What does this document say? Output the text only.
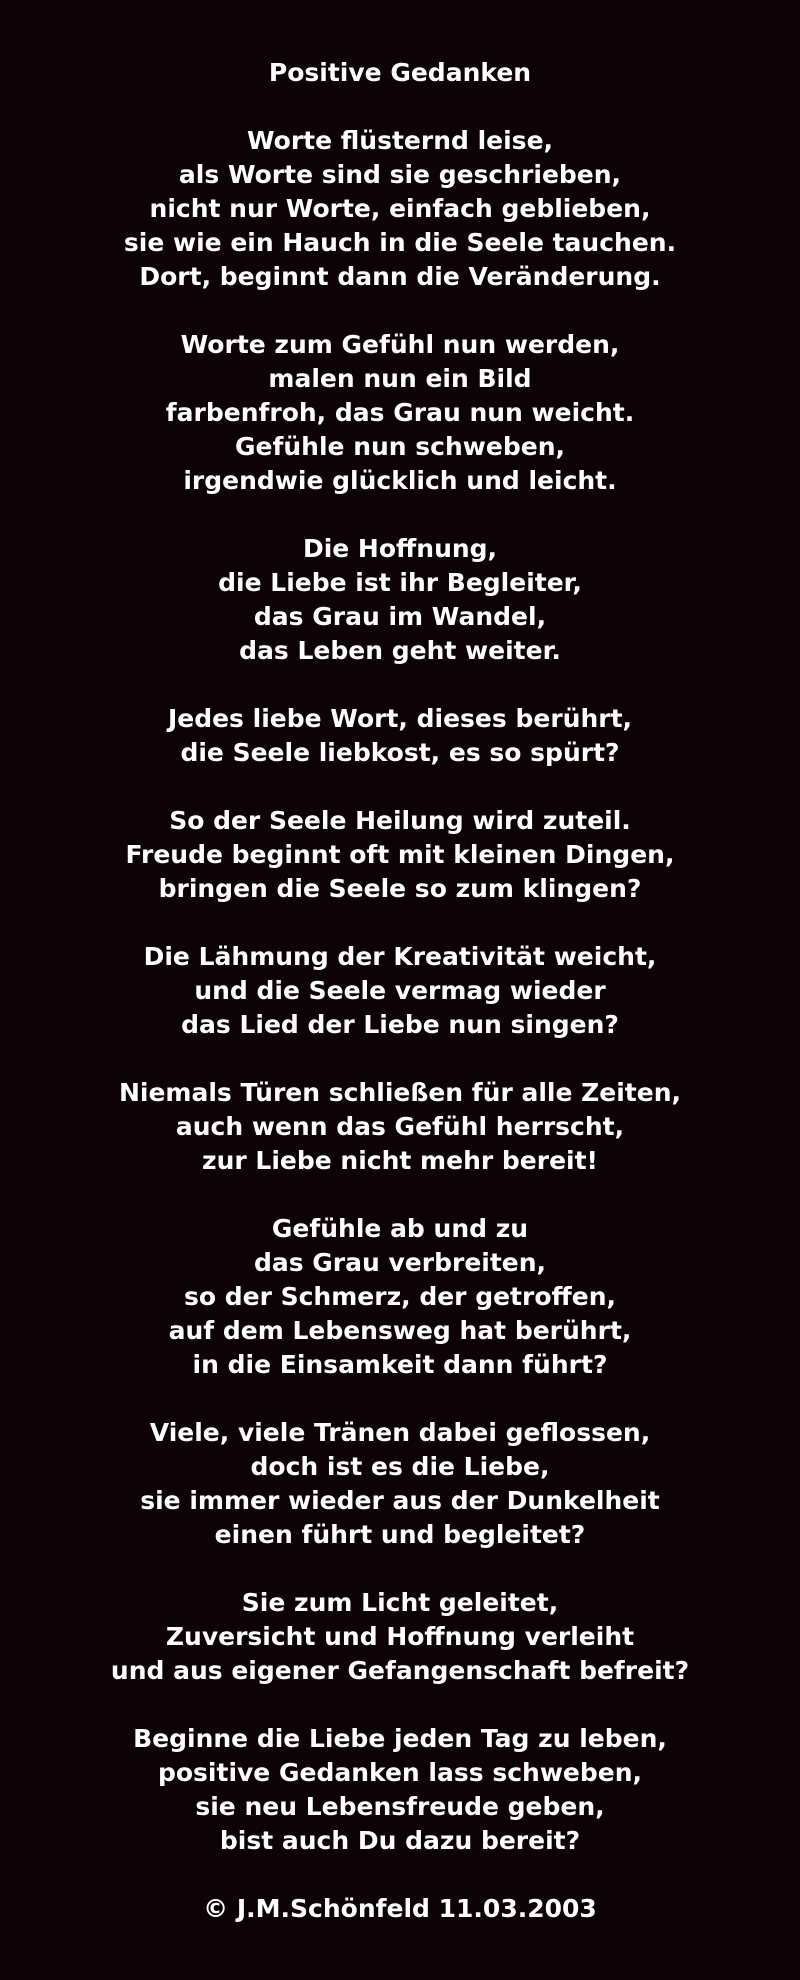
Positive Gedanken
Worte flüsternd leise,
als Worte sind sie geschrieben,
nicht nur Worte, einfach geblieben,
sie wie ein Hauch in die Seele tauchen.
Dort, beginnt dann die Veränderung.
Worte zum Gefühl nun werden,
malen nun ein Bild
farbenfroh, das Grau nun weicht.
Gefühle nun schweben,
irgendwie glücklich und leicht.
Die Hoffnung,
die Liebe ist ihr Begleiter,
das Grau im Wandel,
das Leben geht weiter.
Jedes liebe Wort, dieses berührt,
die Seele liebkost, es so spürt?
So der Seele Heilung wird zuteil.
Freude beginnt oft mit kleinen Dingen,
bringen die Seele so zum klingen?
Die Lähmung der Kreativität weicht,
und die Seele vermag wieder
das Lied der Liebe nun singen?
Niemals Türen schließen für alle Zeiten,
auch wenn das Gefühl herrscht,
zur Liebe nicht mehr bereit!
Gefühle ab und zu
das Grau verbreiten,
so der Schmerz, der getroffen,
auf dem Lebensweg hat berührt,
in die Einsamkeit dann führt?
Viele, viele Tränen dabei geflossen,
doch ist es die Liebe,
sie immer wieder aus der Dunkelheit
einen führt und begleitet?
Sie zum Licht geleitet,
Zuversicht und Hoffnung verleiht
und aus eigener Gefangenschaft befreit?
Beginne die Liebe jeden Tag zu leben,
positive Gedanken lass schweben,
sie neu Lebensfreude geben,
bist auch Du dazu bereit?
© J.M.Schönfeld 11.03.2003
